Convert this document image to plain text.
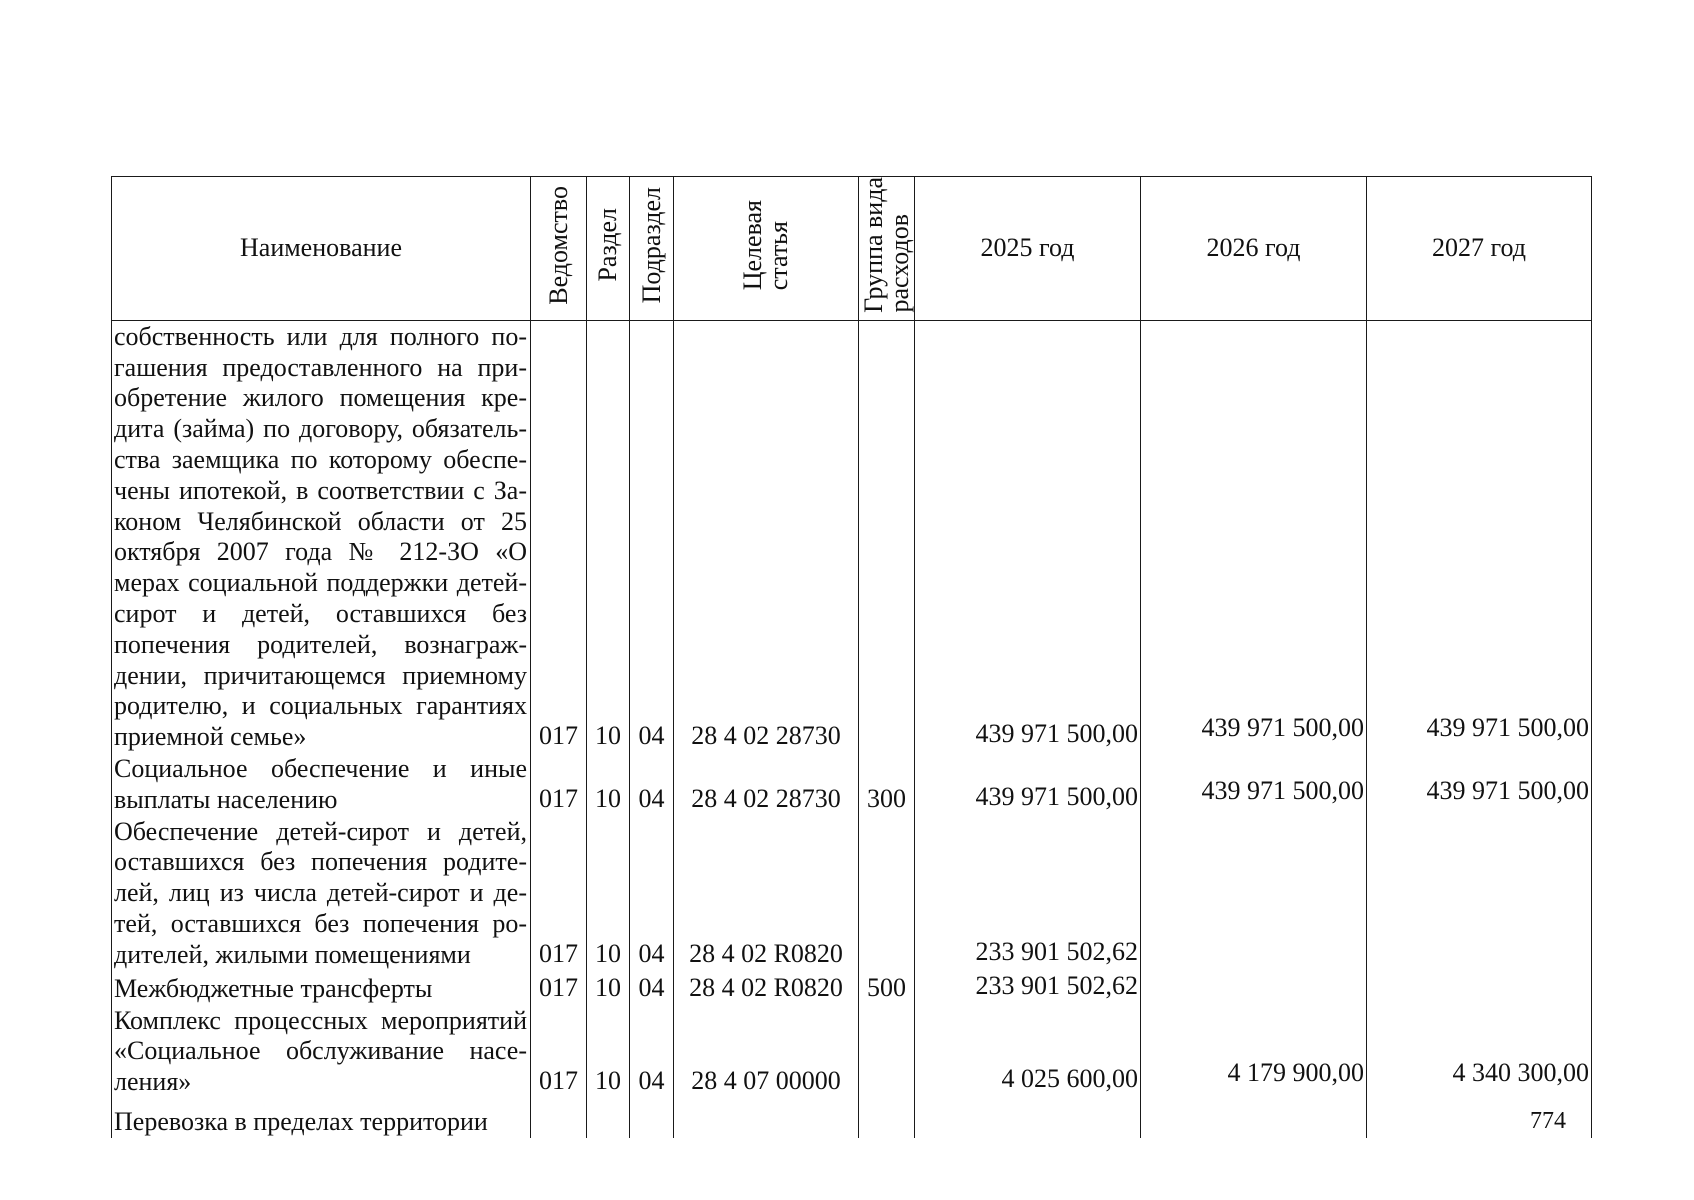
Наименование	Ведомство	Раздел	Подраздел	Целеваястатья	Группа видарасходов	2025 год	2026 год	2027 год
собственность или для полного погашения предоставленного на приобретение жилого помещения кредита (займа) по договору, обязательства заемщика по которому обеспечены ипотекой, в соответствии с Законом Челябинской области от 25 октября 2007 года № 212-ЗО «О мерах социальной поддержки детей-сирот и детей, оставшихся без попечения родителей, вознаграждении, причитающемся приемному родителю, и социальных гарантиях приемной семье»	017	10	04	28 4 02 28730		439 971 500,00	439 971 500,00	439 971 500,00
Социальное обеспечение и иные выплаты населению	017	10	04	28 4 02 28730	300	439 971 500,00	439 971 500,00	439 971 500,00
Обеспечение детей-сирот и детей, оставшихся без попечения родителей, лиц из числа детей-сирот и детей, оставшихся без попечения родителей, жилыми помещениями	017	10	04	28 4 02 R0820		233 901 502,62		
Межбюджетные трансферты	017	10	04	28 4 02 R0820	500	233 901 502,62		
Комплекс процессных мероприятий «Социальное обслуживание населения»	017	10	04	28 4 07 00000		4 025 600,00	4 179 900,00	4 340 300,00
Перевозка в пределах территории									774
